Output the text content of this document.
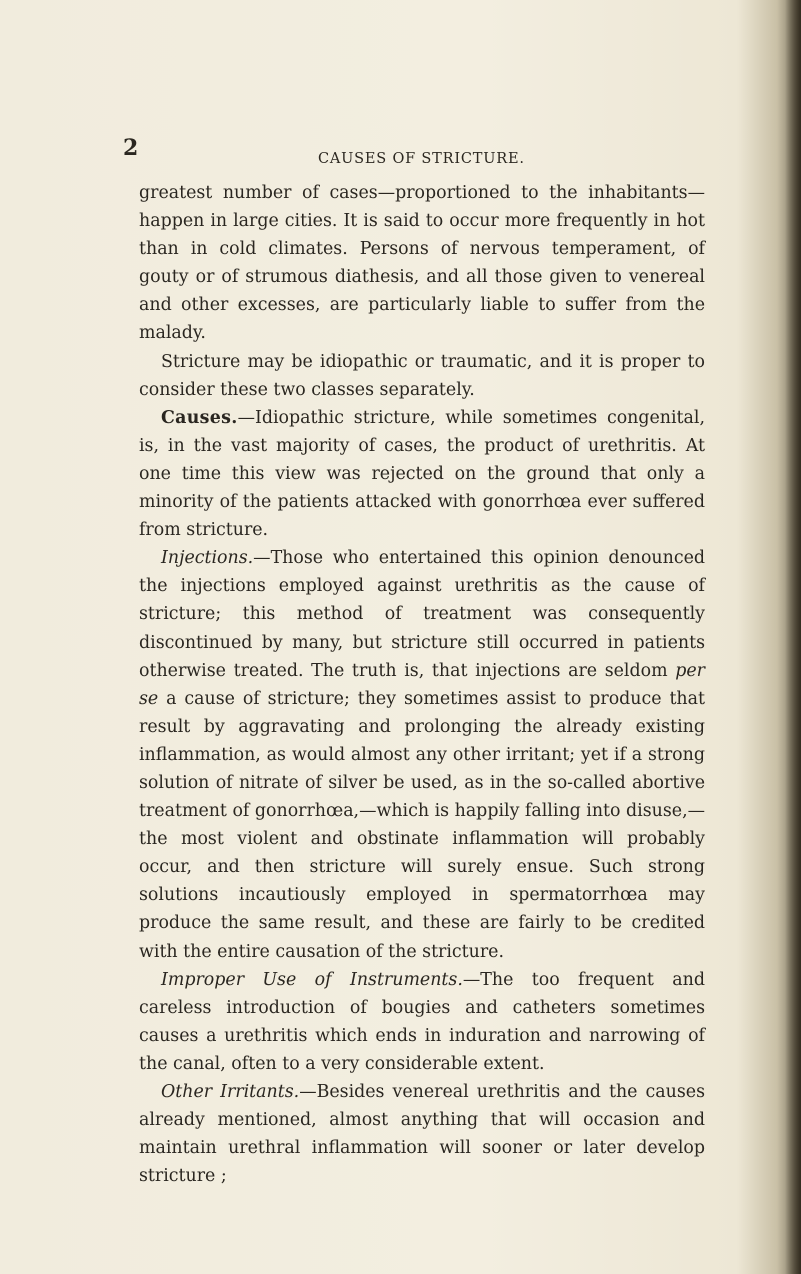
2	CAUSES OF STRICTURE.

greatest number of cases—proportioned to the inhabitants—happen in large cities. It is said to occur more frequently in hot than in cold climates. Persons of nervous temperament, of gouty or of strumous diathesis, and all those given to venereal and other excesses, are particularly liable to suffer from the malady.

Stricture may be idiopathic or traumatic, and it is proper to consider these two classes separately.

Causes.—Idiopathic stricture, while sometimes congenital, is, in the vast majority of cases, the product of urethritis. At one time this view was rejected on the ground that only a minority of the patients attacked with gonorrhœa ever suffered from stricture.

Injections.—Those who entertained this opinion denounced the injections employed against urethritis as the cause of stricture; this method of treatment was consequently discontinued by many, but stricture still occurred in patients otherwise treated. The truth is, that injections are seldom per se a cause of stricture; they sometimes assist to produce that result by aggravating and prolonging the already existing inflammation, as would almost any other irritant; yet if a strong solution of nitrate of silver be used, as in the so-called abortive treatment of gonorrhœa,—which is happily falling into disuse,—the most violent and obstinate inflammation will probably occur, and then stricture will surely ensue. Such strong solutions incautiously employed in spermatorrhœa may produce the same result, and these are fairly to be credited with the entire causation of the stricture.

Improper Use of Instruments.—The too frequent and careless introduction of bougies and catheters sometimes causes a urethritis which ends in induration and narrowing of the canal, often to a very considerable extent.

Other Irritants.—Besides venereal urethritis and the causes already mentioned, almost anything that will occasion and maintain urethral inflammation will sooner or later develop stricture ;
